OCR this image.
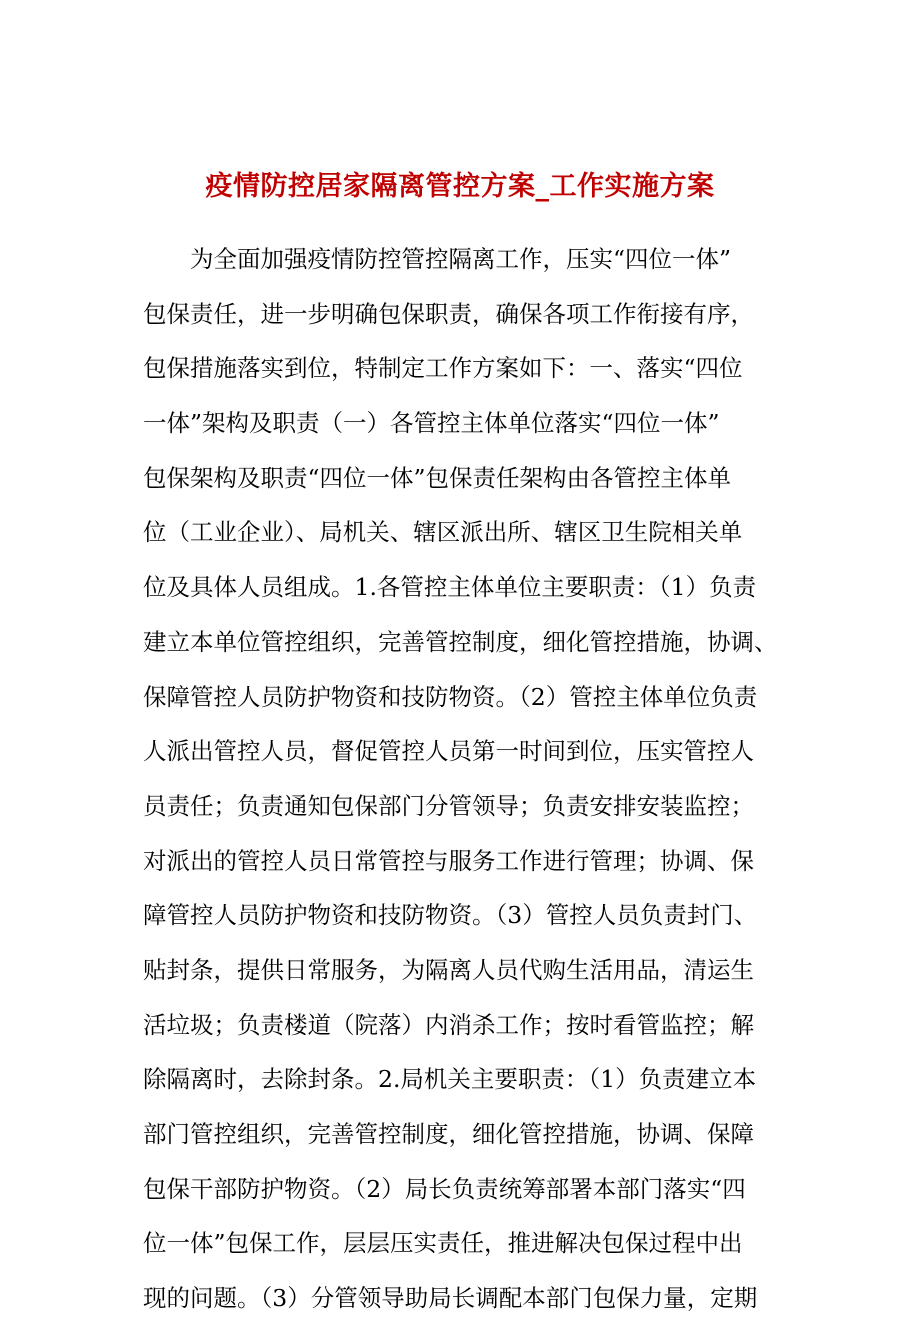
疫情防控居家隔离管控方案_工作实施方案
为全面加强疫情防控管控隔离工作，压实“四位一体”
包保责任，进一步明确包保职责，确保各项工作衔接有序，
包保措施落实到位，特制定工作方案如下：一、落实“四位
一体”架构及职责（一）各管控主体单位落实“四位一体”
包保架构及职责“四位一体”包保责任架构由各管控主体单
位（工业企业）、局机关、辖区派出所、辖区卫生院相关单
位及具体人员组成。1.各管控主体单位主要职责：（1）负责
建立本单位管控组织，完善管控制度，细化管控措施，协调、
保障管控人员防护物资和技防物资。（2）管控主体单位负责
人派出管控人员，督促管控人员第一时间到位，压实管控人
员责任；负责通知包保部门分管领导；负责安排安装监控；
对派出的管控人员日常管控与服务工作进行管理；协调、保
障管控人员防护物资和技防物资。（3）管控人员负责封门、
贴封条，提供日常服务，为隔离人员代购生活用品，清运生
活垃圾；负责楼道（院落）内消杀工作；按时看管监控；解
除隔离时，去除封条。2.局机关主要职责：（1）负责建立本
部门管控组织，完善管控制度，细化管控措施，协调、保障
包保干部防护物资。（2）局长负责统筹部署本部门落实“四
位一体”包保工作，层层压实责任，推进解决包保过程中出
现的问题。（3）分管领导助局长调配本部门包保力量，定期
